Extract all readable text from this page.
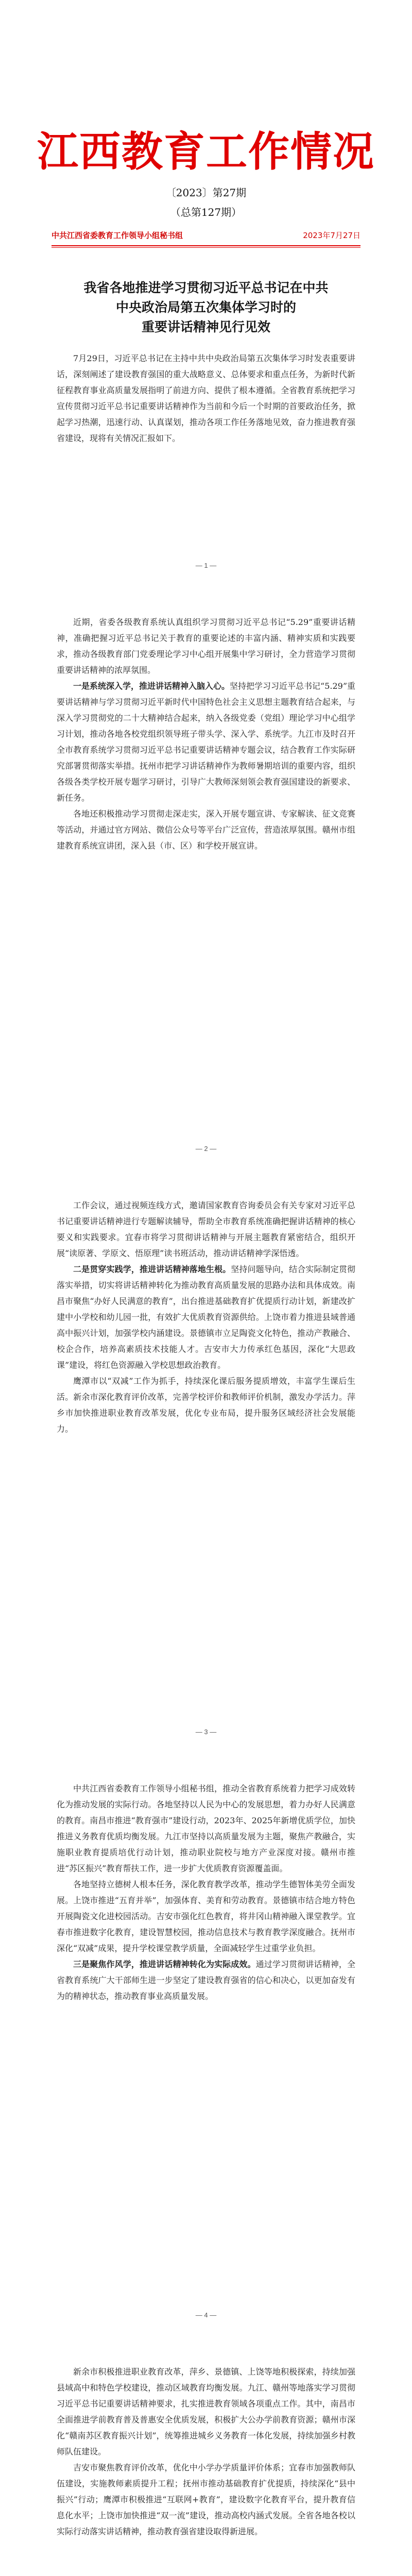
江西教育工作情况
〔2023〕第27期
（总第127期）
中共江西省委教育工作领导小组秘书组	2023年7月27日
我省各地推进学习贯彻习近平总书记在中共
中央政治局第五次集体学习时的
重要讲话精神见行见效

7月29日，习近平总书记在主持中共中央政治局第五次集体学习时发表重要讲话，深刻阐述了建设教育强国的重大战略意义、总体要求和重点任务，为新时代新征程教育事业高质量发展指明了前进方向、提供了根本遵循。全省教育系统把学习宣传贯彻习近平总书记重要讲话精神作为当前和今后一个时期的首要政治任务，掀起学习热潮，迅速行动、认真谋划，推动各项工作任务落地见效，奋力推进教育强省建设，现将有关情况汇报如下。

— 1 —

近期，省委各级教育系统认真组织学习贯彻习近平总书记“5.29”重要讲话精神，准确把握习近平总书记关于教育的重要论述的丰富内涵、精神实质和实践要求，推动各级教育部门党委理论学习中心组开展集中学习研讨，全力营造学习贯彻重要讲话精神的浓厚氛围。

一是系统深入学，推进讲话精神入脑入心。坚持把学习习近平总书记“5.29”重要讲话精神与学习贯彻习近平新时代中国特色社会主义思想主题教育结合起来，与深入学习贯彻党的二十大精神结合起来，纳入各级党委（党组）理论学习中心组学习计划，推动各地各校党组织领导班子带头学、深入学、系统学。九江市及时召开全市教育系统学习贯彻习近平总书记重要讲话精神专题会议，结合教育工作实际研究部署贯彻落实举措。抚州市把学习讲话精神作为教师暑期培训的重要内容，组织各级各类学校开展专题学习研讨，引导广大教师深刻领会教育强国建设的新要求、新任务。

各地还积极推动学习贯彻走深走实，深入开展专题宣讲、专家解读、征文竞赛等活动，并通过官方网站、微信公众号等平台广泛宣传，营造浓厚氛围。赣州市组建教育系统宣讲团，深入县（市、区）和学校开展宣讲。

— 2 —

工作会议，通过视频连线方式，邀请国家教育咨询委员会有关专家对习近平总书记重要讲话精神进行专题解读辅导，帮助全市教育系统准确把握讲话精神的核心要义和实践要求。宜春市将学习贯彻讲话精神与开展主题教育紧密结合，组织开展“读原著、学原文、悟原理”读书班活动，推动讲话精神学深悟透。

二是贯穿实践学，推进讲话精神落地生根。坚持问题导向，结合实际制定贯彻落实举措，切实将讲话精神转化为推动教育高质量发展的思路办法和具体成效。南昌市聚焦“办好人民满意的教育”，出台推进基础教育扩优提质行动计划，新建改扩建中小学校和幼儿园一批，有效扩大优质教育资源供给。上饶市着力推进县域普通高中振兴计划，加强学校内涵建设。景德镇市立足陶瓷文化特色，推动产教融合、校企合作，培养高素质技术技能人才。吉安市大力传承红色基因，深化“大思政课”建设，将红色资源融入学校思想政治教育。

鹰潭市以“双减”工作为抓手，持续深化课后服务提质增效，丰富学生课后生活。新余市深化教育评价改革，完善学校评价和教师评价机制，激发办学活力。萍乡市加快推进职业教育改革发展，优化专业布局，提升服务区域经济社会发展能力。

— 3 —

中共江西省委教育工作领导小组秘书组，推动全省教育系统着力把学习成效转化为推动发展的实际行动。各地坚持以人民为中心的发展思想，着力办好人民满意的教育。南昌市推进“教育强市”建设行动，2023年、2025年新增优质学位，加快推进义务教育优质均衡发展。九江市坚持以高质量发展为主题，聚焦产教融合，实施职业教育提质培优行动计划，推动职业院校与地方产业深度对接。赣州市推进“苏区振兴”教育帮扶工作，进一步扩大优质教育资源覆盖面。

各地坚持立德树人根本任务，深化教育教学改革，推动学生德智体美劳全面发展。上饶市推进“五育并举”，加强体育、美育和劳动教育。景德镇市结合地方特色开展陶瓷文化进校园活动。吉安市强化红色教育，将井冈山精神融入课堂教学。宜春市推进数字化教育，建设智慧校园，推动信息技术与教育教学深度融合。抚州市深化“双减”成果，提升学校课堂教学质量，全面减轻学生过重学业负担。

三是聚焦作风学，推进讲话精神转化为实际成效。通过学习贯彻讲话精神，全省教育系统广大干部师生进一步坚定了建设教育强省的信心和决心，以更加奋发有为的精神状态，推动教育事业高质量发展。

— 4 —

新余市积极推进职业教育改革，萍乡、景德镇、上饶等地积极探索，持续加强县域高中和特色学校建设，推动区域教育均衡发展。九江、赣州等地落实学习贯彻习近平总书记重要讲话精神要求，扎实推进教育领域各项重点工作。其中，南昌市全面推进学前教育普及普惠安全优质发展，积极扩大公办学前教育资源；赣州市深化“赣南苏区教育振兴计划”，统筹推进城乡义务教育一体化发展，持续加强乡村教师队伍建设。

吉安市聚焦教育评价改革，优化中小学办学质量评价体系；宜春市加强教师队伍建设，实施教师素质提升工程；抚州市推动基础教育扩优提质，持续深化“县中振兴”行动；鹰潭市积极推进“互联网+教育”，建设数字化教育平台，提升教育信息化水平；上饶市加快推进“双一流”建设，推动高校内涵式发展。全省各地各校以实际行动落实讲话精神，推动教育强省建设取得新进展。
